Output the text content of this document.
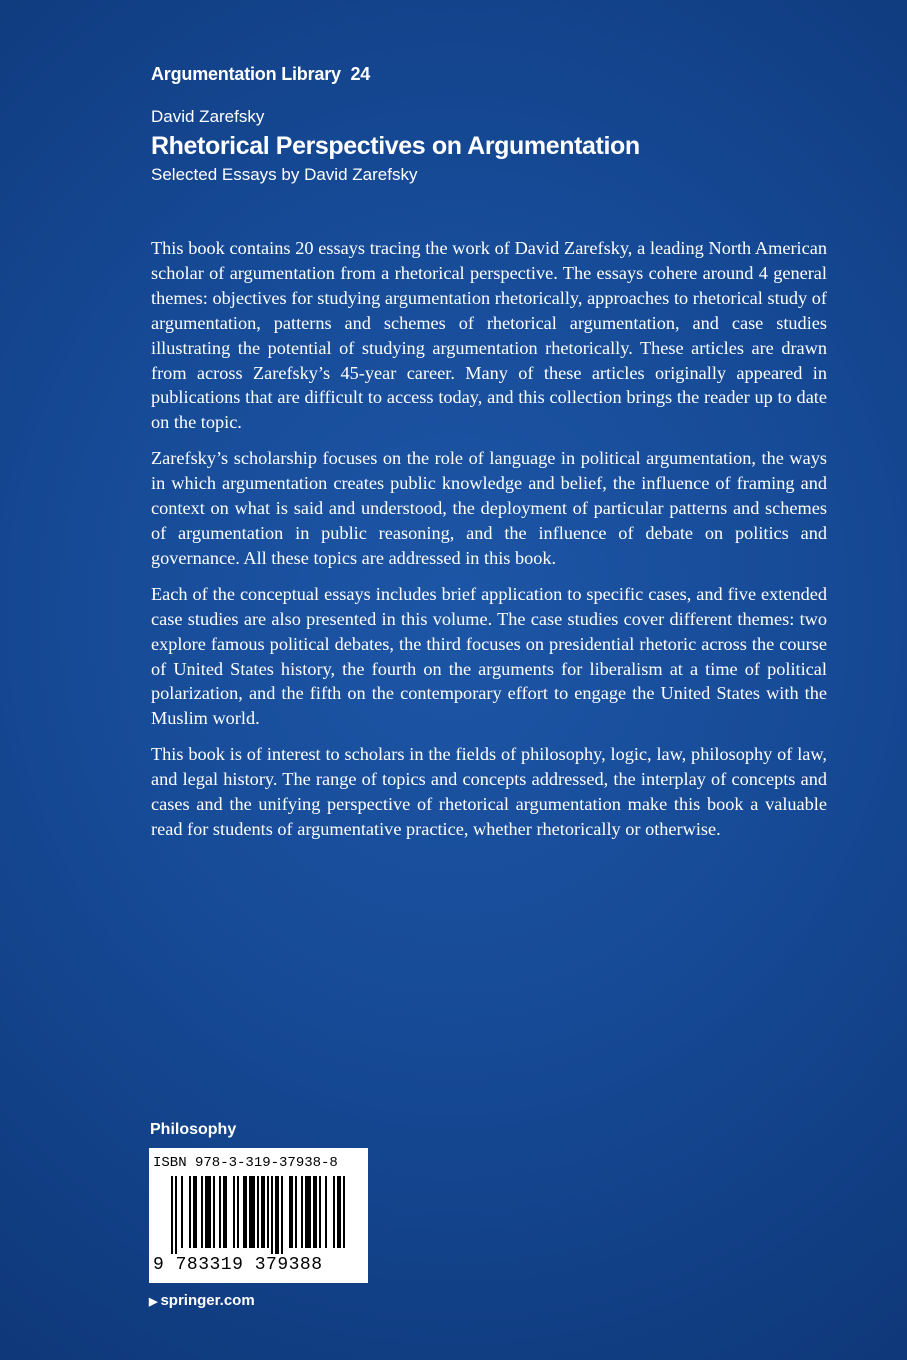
Argumentation Library 24
David Zarefsky
Rhetorical Perspectives on Argumentation
Selected Essays by David Zarefsky

This book contains 20 essays tracing the work of David Zarefsky, a leading North American scholar of argumentation from a rhetorical perspective. The essays cohere around 4 general themes: objectives for studying argumentation rhetorically, approaches to rhetorical study of argumentation, patterns and schemes of rhetorical argumentation, and case studies illustrating the potential of studying argumentation rhetorically. These articles are drawn from across Zarefsky’s 45-year career. Many of these articles originally appeared in publications that are difficult to access today, and this collection brings the reader up to date on the topic.

Zarefsky’s scholarship focuses on the role of language in political argumentation, the ways in which argumentation creates public knowledge and belief, the influence of framing and context on what is said and understood, the deployment of particular patterns and schemes of argumentation in public reasoning, and the influence of debate on politics and governance. All these topics are addressed in this book.

Each of the conceptual essays includes brief application to specific cases, and five extended case studies are also presented in this volume. The case studies cover different themes: two explore famous political debates, the third focuses on presidential rhetoric across the course of United States history, the fourth on the arguments for liberalism at a time of political polarization, and the fifth on the contemporary effort to engage the United States with the Muslim world.

This book is of interest to scholars in the fields of philosophy, logic, law, philosophy of law, and legal history. The range of topics and concepts addressed, the interplay of concepts and cases and the unifying perspective of rhetorical argumentation make this book a valuable read for students of argumentative practice, whether rhetorically or otherwise.

Philosophy
ISBN 978-3-319-37938-8
9 783319 379388
▶ springer.com
